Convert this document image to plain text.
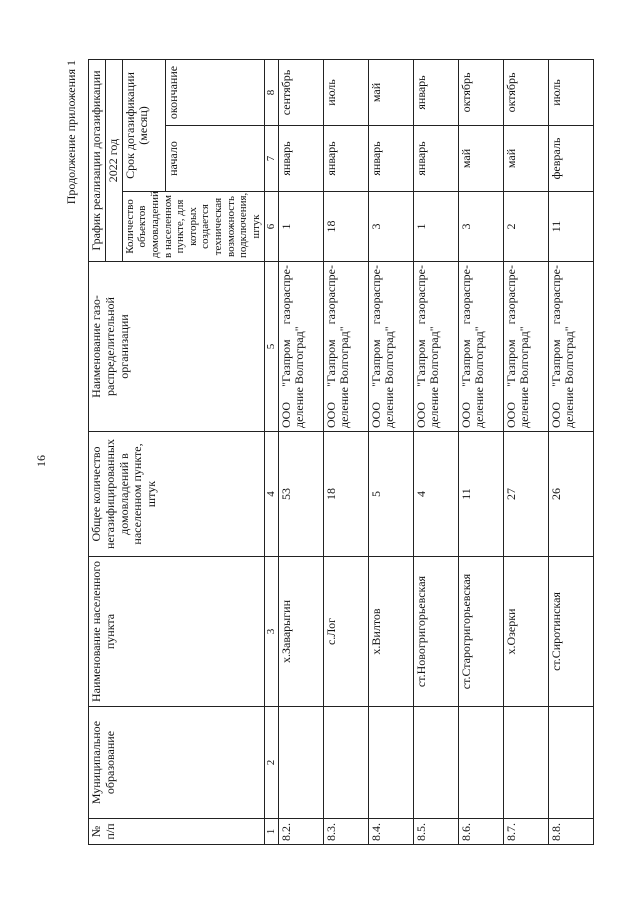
16
Продолжение приложения 1
№ п/п	Муниципальное образование	Наименование населенного пункта	Общее количество негазифицированных домовладений в населенном пункте, штук	Наименование газо-распределительной организации	График реализации догазификации		
					2022 год		
					Количество объектов домовладений в населенном пункте, для которых создается техническая возможность подключения, штук	Срок догазификации (месяц)	
						начало	окончание
1	2	3	4	5	6	7	8
8.2.		х.Заварыгин	53	ООО "Газпром газораспре- деление Волгоград"	1	январь	сентябрь
8.3.		с.Лог	18	ООО "Газпром газораспре- деление Волгоград"	18	январь	июль
8.4.		х.Вилтов	5	ООО "Газпром газораспре- деление Волгоград"	3	январь	май
8.5.		ст.Новогригорьевская	4	ООО "Газпром газораспре- деление Волгоград"	1	январь	январь
8.6.		ст.Старогригорьевская	11	ООО "Газпром газораспре- деление Волгоград"	3	май	октябрь
8.7.		х.Озерки	27	ООО "Газпром газораспре- деление Волгоград"	2	май	октябрь
8.8.		ст.Сиротинская	26	ООО "Газпром газораспре- деление Волгоград"	11	февраль	июль
